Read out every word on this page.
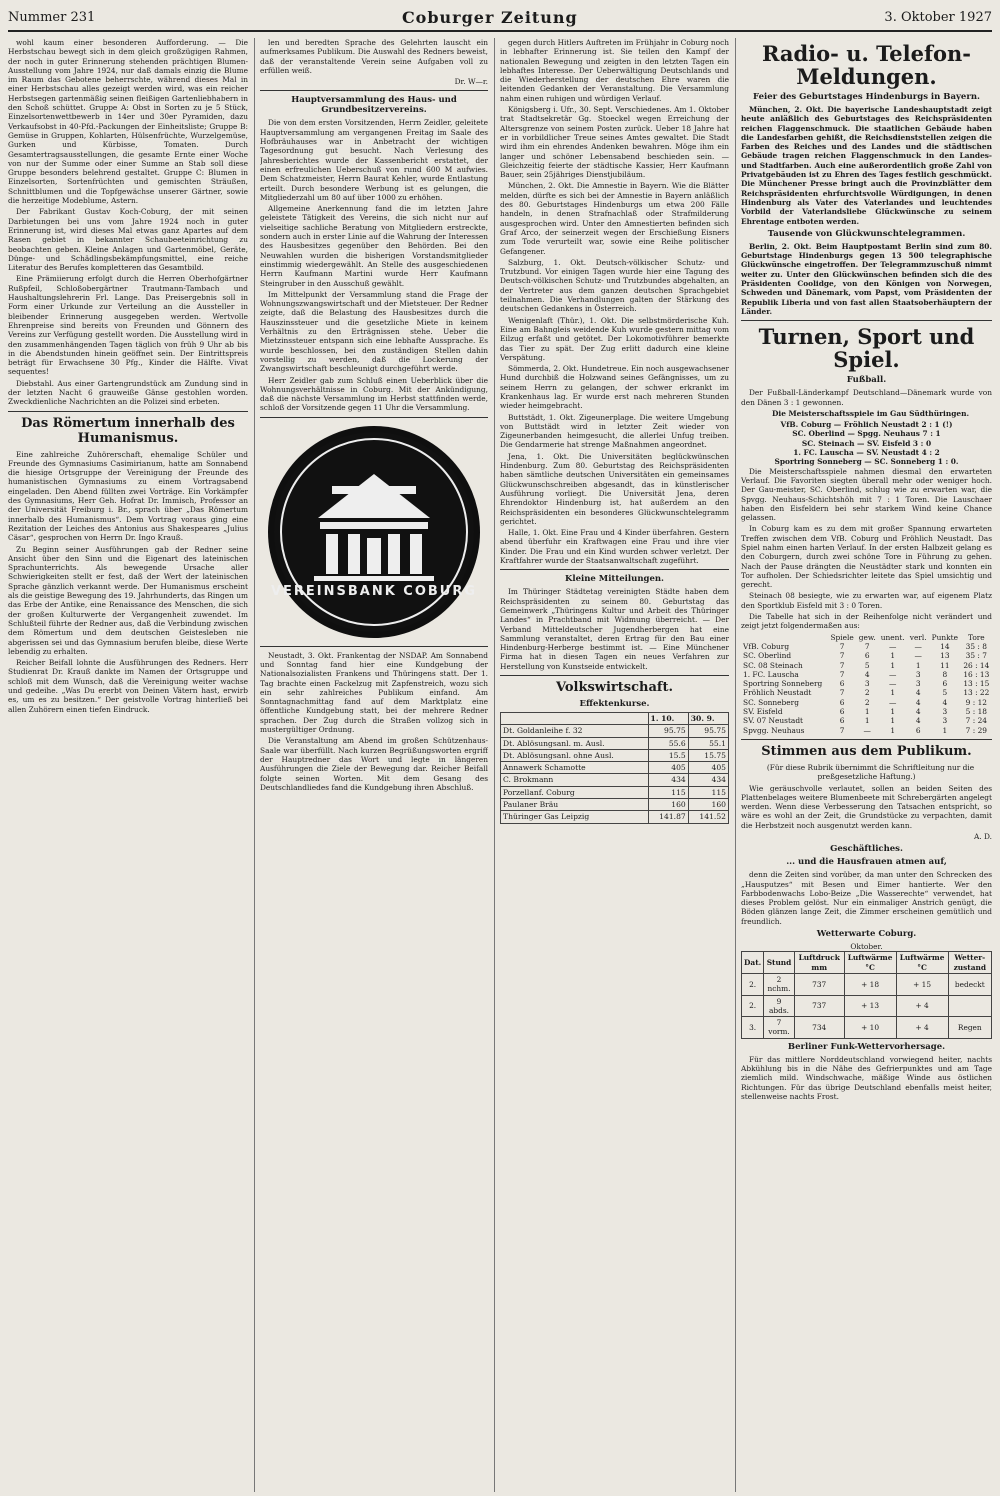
Nummer 231	Coburger Zeitung	3. Oktober 1927

wohl kaum einer besonderen Aufforderung. — Die Herbstschau bewegt sich in dem gleich großzügigen Rahmen, der noch in guter Erinnerung stehenden prächtigen Blumen-Ausstellung vom Jahre 1924, nur daß damals einzig die Blume im Raum das Gebotene beherrschte, während dieses Mal in einer Herbstschau alles gezeigt werden wird, was ein reicher Herbstsegen gartenmäßig seinen fleißigen Gartenliebhabern in den Schoß schüttet. Gruppe A: Obst in Sorten zu je 5 Stück, Einzelsortenwettbewerb in 14er und 30er Pyramiden, dazu Verkaufsobst in 40-Pfd.-Packungen der Einheitsliste; Gruppe B: Gemüse in Gruppen, Kohlarten, Hülsenfrüchte, Wurzelgemüse, Gurken und Kürbisse, Tomaten. Durch Gesamtertragsausstellungen, die gesamte Ernte einer Woche von nur der Summe oder einer Summe an Stab soll diese Gruppe besonders belehrend gestaltet. Gruppe C: Blumen in Einzelsorten, Sortenfrüchten und gemischten Sträußen, Schnittblumen und die Topfgewächse unserer Gärtner, sowie die herzeitige Modeblume, Astern.

Der Fabrikant Gustav Koch-Coburg, der mit seinen Darbietungen bei uns vom Jahre 1924 noch in guter Erinnerung ist, wird dieses Mal etwas ganz Apartes auf dem Rasen gebiet in bekannter Schaubeeteinrichtung zu beobachten geben. Kleine Anlagen und Gartenmöbel, Geräte, Dünge- und Schädlingsbekämpfungsmittel, eine reiche Literatur des Berufes kompletteren das Gesamtbild.

Eine Prämiierung erfolgt durch die Herren Oberhofgärtner Rußpfeil, Schloßobergärtner Trautmann-Tambach und Haushaltungslehrerin Frl. Lange. Das Preisergebnis soll in Form einer Urkunde zur Verteilung an die Aussteller in bleibender Erinnerung ausgegeben werden. Wertvolle Ehrenpreise sind bereits von Freunden und Gönnern des Vereins zur Verfügung gestellt worden. Die Ausstellung wird in den zusammenhängenden Tagen täglich von früh 9 Uhr ab bis in die Abendstunden hinein geöffnet sein. Der Eintrittspreis beträgt für Erwachsene 30 Pfg., Kinder die Hälfte. Vivat sequentes!

Diebstahl. Aus einer Gartengrundstück am Zundung sind in der letzten Nacht 6 grauweiße Gänse gestohlen worden. Zweckdienliche Nachrichten an die Polizei sind erbeten.

Das Römertum innerhalb des Humanismus.

Eine zahlreiche Zuhörerschaft, ehemalige Schüler und Freunde des Gymnasiums Casimirianum, hatte am Sonnabend die hiesige Ortsgruppe der Vereinigung der Freunde des humanistischen Gymnasiums zu einem Vortragsabend eingeladen. Den Abend füllten zwei Vorträge. Ein Vorkämpfer des Gymnasiums, Herr Geh. Hofrat Dr. Immisch, Professor an der Universität Freiburg i. Br., sprach über „Das Römertum innerhalb des Humanismus“. Dem Vortrag voraus ging eine Rezitation der Leiches des Antonius aus Shakespeares „Julius Cäsar“, gesprochen von Herrn Dr. Ingo Krauß.

Zu Beginn seiner Ausführungen gab der Redner seine Ansicht über den Sinn und die Eigenart des lateinischen Sprachunterrichts. Als bewegende Ursache aller Schwierigkeiten stellt er fest, daß der Wert der lateinischen Sprache gänzlich verkannt werde. Der Humanismus erscheint als die geistige Bewegung des 19. Jahrhunderts, das Ringen um das Erbe der Antike, eine Renaissance des Menschen, die sich der großen Kulturwerte der Vergangenheit zuwendet. Im Schlußteil führte der Redner aus, daß die Verbindung zwischen dem Römertum und dem deutschen Geistesleben nie abgerissen sei und das Gymnasium berufen bleibe, diese Werte lebendig zu erhalten.

Reicher Beifall lohnte die Ausführungen des Redners. Herr Studienrat Dr. Krauß dankte im Namen der Ortsgruppe und schloß mit dem Wunsch, daß die Vereinigung weiter wachse und gedeihe. „Was Du ererbt von Deinen Vätern hast, erwirb es, um es zu besitzen.“ Der geistvolle Vortrag hinterließ bei allen Zuhörern einen tiefen Eindruck.

len und beredten Sprache des Gelehrten lauscht ein aufmerksames Publikum. Die Auswahl des Redners beweist, daß der veranstaltende Verein seine Aufgaben voll zu erfüllen weiß.

Dr. W—r.
Hauptversammlung des Haus- und Grundbesitzervereins.

Die von dem ersten Vorsitzenden, Herrn Zeidler, geleitete Hauptversammlung am vergangenen Freitag im Saale des Hofbräuhauses war in Anbetracht der wichtigen Tagesordnung gut besucht. Nach Verlesung des Jahresberichtes wurde der Kassenbericht erstattet, der einen erfreulichen Ueberschuß von rund 600 M aufwies. Dem Schatzmeister, Herrn Baurat Kehler, wurde Entlastung erteilt. Durch besondere Werbung ist es gelungen, die Mitgliederzahl um 80 auf über 1000 zu erhöhen.

Allgemeine Anerkennung fand die im letzten Jahre geleistete Tätigkeit des Vereins, die sich nicht nur auf vielseitige sachliche Beratung von Mitgliedern erstreckte, sondern auch in erster Linie auf die Wahrung der Interessen des Hausbesitzes gegenüber den Behörden. Bei den Neuwahlen wurden die bisherigen Vorstandsmitglieder einstimmig wiedergewählt. An Stelle des ausgeschiedenen Herrn Kaufmann Martini wurde Herr Kaufmann Steingruber in den Ausschuß gewählt.

Im Mittelpunkt der Versammlung stand die Frage der Wohnungszwangswirtschaft und der Mietsteuer. Der Redner zeigte, daß die Belastung des Hausbesitzes durch die Hauszinssteuer und die gesetzliche Miete in keinem Verhältnis zu den Erträgnissen stehe. Ueber die Mietzinssteuer entspann sich eine lebhafte Aussprache. Es wurde beschlossen, bei den zuständigen Stellen dahin vorstellig zu werden, daß die Lockerung der Zwangswirtschaft beschleunigt durchgeführt werde.

Herr Zeidler gab zum Schluß einen Ueberblick über die Wohnungsverhältnisse in Coburg. Mit der Ankündigung, daß die nächste Versammlung im Herbst stattfinden werde, schloß der Vorsitzende gegen 11 Uhr die Versammlung.

VEREINSBANK COBURG

Neustadt, 3. Okt. Frankentag der NSDAP. Am Sonnabend und Sonntag fand hier eine Kundgebung der Nationalsozialisten Frankens und Thüringens statt. Der 1. Tag brachte einen Fackelzug mit Zapfenstreich, wozu sich ein sehr zahlreiches Publikum einfand. Am Sonntagnachmittag fand auf dem Marktplatz eine öffentliche Kundgebung statt, bei der mehrere Redner sprachen. Der Zug durch die Straßen vollzog sich in mustergültiger Ordnung.

Die Veranstaltung am Abend im großen Schützenhaus-Saale war überfüllt. Nach kurzen Begrüßungsworten ergriff der Hauptredner das Wort und legte in längeren Ausführungen die Ziele der Bewegung dar. Reicher Beifall folgte seinen Worten. Mit dem Gesang des Deutschlandliedes fand die Kundgebung ihren Abschluß.

gegen durch Hitlers Auftreten im Frühjahr in Coburg noch in lebhafter Erinnerung ist. Sie teilen den Kampf der nationalen Bewegung und zeigten in den letzten Tagen ein lebhaftes Interesse. Der Ueberwältigung Deutschlands und die Wiederherstellung der deutschen Ehre waren die leitenden Gedanken der Veranstaltung. Die Versammlung nahm einen ruhigen und würdigen Verlauf.

Königsberg i. Ufr., 30. Sept. Verschiedenes. Am 1. Oktober trat Stadtsekretär Gg. Stoeckel wegen Erreichung der Altersgrenze von seinem Posten zurück. Ueber 18 Jahre hat er in vorbildlicher Treue seines Amtes gewaltet. Die Stadt wird ihm ein ehrendes Andenken bewahren. Möge ihm ein langer und schöner Lebensabend beschieden sein. — Gleichzeitig feierte der städtische Kassier, Herr Kaufmann Bauer, sein 25jähriges Dienstjubiläum.

München, 2. Okt. Die Amnestie in Bayern. Wie die Blätter melden, dürfte es sich bei der Amnestie in Bayern anläßlich des 80. Geburtstages Hindenburgs um etwa 200 Fälle handeln, in denen Strafnachlaß oder Strafmilderung ausgesprochen wird. Unter den Amnestierten befinden sich Graf Arco, der seinerzeit wegen der Erschießung Eisners zum Tode verurteilt war, sowie eine Reihe politischer Gefangener.

Salzburg, 1. Okt. Deutsch-völkischer Schutz- und Trutzbund. Vor einigen Tagen wurde hier eine Tagung des Deutsch-völkischen Schutz- und Trutzbundes abgehalten, an der Vertreter aus dem ganzen deutschen Sprachgebiet teilnahmen. Die Verhandlungen galten der Stärkung des deutschen Gedankens in Österreich.

Wenigenlaft (Thür.), 1. Okt. Die selbstmörderische Kuh. Eine am Bahngleis weidende Kuh wurde gestern mittag vom Eilzug erfaßt und getötet. Der Lokomotivführer bemerkte das Tier zu spät. Der Zug erlitt dadurch eine kleine Verspätung.

Sömmerda, 2. Okt. Hundetreue. Ein noch ausgewachsener Hund durchbiß die Holzwand seines Gefängnisses, um zu seinem Herrn zu gelangen, der schwer erkrankt im Krankenhaus lag. Er wurde erst nach mehreren Stunden wieder heimgebracht.

Buttstädt, 1. Okt. Zigeunerplage. Die weitere Umgebung von Buttstädt wird in letzter Zeit wieder von Zigeunerbanden heimgesucht, die allerlei Unfug treiben. Die Gendarmerie hat strenge Maßnahmen angeordnet.

Jena, 1. Okt. Die Universitäten beglückwünschen Hindenburg. Zum 80. Geburtstag des Reichspräsidenten haben sämtliche deutschen Universitäten ein gemeinsames Glückwunschschreiben abgesandt, das in künstlerischer Ausführung vorliegt. Die Universität Jena, deren Ehrendoktor Hindenburg ist, hat außerdem an den Reichspräsidenten ein besonderes Glückwunschtelegramm gerichtet.

Halle, 1. Okt. Eine Frau und 4 Kinder überfahren. Gestern abend überfuhr ein Kraftwagen eine Frau und ihre vier Kinder. Die Frau und ein Kind wurden schwer verletzt. Der Kraftfahrer wurde der Staatsanwaltschaft zugeführt.

Kleine Mitteilungen.

Im Thüringer Städtetag vereinigten Städte haben dem Reichspräsidenten zu seinem 80. Geburtstag das Gemeinwerk „Thüringens Kultur und Arbeit des Thüringer Landes“ in Prachtband mit Widmung überreicht. — Der Verband Mitteldeutscher Jugendherbergen hat eine Sammlung veranstaltet, deren Ertrag für den Bau einer Hindenburg-Herberge bestimmt ist. — Eine Münchener Firma hat in diesen Tagen ein neues Verfahren zur Herstellung von Kunstseide entwickelt.

Volkswirtschaft.
Effektenkurse.
	1. 10.	30. 9.
Dt. Goldanleihe f. 32	95.75	95.75
Dt. Ablösungsanl. m. Ausl.	55.6	55.1
Dt. Ablösungsanl. ohne Ausl.	15.5	15.75
Annawerk Schamotte	405	405
C. Brokmann	434	434
Porzellanf. Coburg	115	115
Paulaner Bräu	160	160
Thüringer Gas Leipzig	141.87	141.52
Radio- u. Telefon-Meldungen.
Feier des Geburtstages Hindenburgs in Bayern.

München, 2. Okt. Die bayerische Landeshauptstadt zeigt heute anläßlich des Geburtstages des Reichspräsidenten reichen Flaggenschmuck. Die staatlichen Gebäude haben die Landesfarben gehißt, die Reichsdienststellen zeigen die Farben des Reiches und des Landes und die städtischen Gebäude tragen reichen Flaggenschmuck in den Landes- und Stadtfarben. Auch eine außerordentlich große Zahl von Privatgebäuden ist zu Ehren des Tages festlich geschmückt. Die Münchener Presse bringt auch die Provinzblätter dem Reichspräsidenten ehrfurchtsvolle Würdigungen, in denen Hindenburg als Vater des Vaterlandes und leuchtendes Vorbild der Vaterlandsliebe Glückwünsche zu seinem Ehrentage entboten werden.

Tausende von Glückwunschtelegrammen.

Berlin, 2. Okt. Beim Hauptpostamt Berlin sind zum 80. Geburtstage Hindenburgs gegen 13 500 telegraphische Glückwünsche eingetroffen. Der Telegrammzuschuß nimmt weiter zu. Unter den Glückwünschen befinden sich die des Präsidenten Coolidge, von den Königen von Norwegen, Schweden und Dänemark, vom Papst, vom Präsidenten der Republik Liberia und von fast allen Staatsoberhäuptern der Länder.

Turnen, Sport und Spiel.
Fußball.

Der Fußball-Länderkampf Deutschland—Dänemark wurde von den Dänen 3 : 1 gewonnen.

Die Meisterschaftsspiele im Gau Südthüringen.

VfB. Coburg — Fröhlich Neustadt 2 : 1 (!)
SC. Oberlind — Spgg. Neuhaus 7 : 1
SC. Steinach — SV. Eisfeld 3 : 0
1. FC. Lauscha — SV. Neustadt 4 : 2
Sportring Sonneberg — SC. Sonneberg 1 : 0.

Die Meisterschaftsspiele nahmen diesmal den erwarteten Verlauf. Die Favoriten siegten überall mehr oder weniger hoch. Der Gau-meister, SC. Oberlind, schlug wie zu erwarten war, die Spvgg. Neuhaus-Schichtshöh mit 7 : 1 Toren. Die Lauschaer haben den Eisfeldern bei sehr starkem Wind keine Chance gelassen.

In Coburg kam es zu dem mit großer Spannung erwarteten Treffen zwischen dem VfB. Coburg und Fröhlich Neustadt. Das Spiel nahm einen harten Verlauf. In der ersten Halbzeit gelang es den Coburgern, durch zwei schöne Tore in Führung zu gehen. Nach der Pause drängten die Neustädter stark und konnten ein Tor aufholen. Der Schiedsrichter leitete das Spiel umsichtig und gerecht.

Steinach 08 besiegte, wie zu erwarten war, auf eigenem Platz den Sportklub Eisfeld mit 3 : 0 Toren.

Die Tabelle hat sich in der Reihenfolge nicht verändert und zeigt jetzt folgendermaßen aus:

	Spiele	gew.	unent.	verl.	Punkte	Tore
VfB. Coburg	7	7	—	—	14	35 : 8
SC. Oberlind	7	6	1	—	13	35 : 7
SC. 08 Steinach	7	5	1	1	11	26 : 14
1. FC. Lauscha	7	4	—	3	8	16 : 13
Sportring Sonneberg	6	3	—	3	6	13 : 15
Fröhlich Neustadt	7	2	1	4	5	13 : 22
SC. Sonneberg	6	2	—	4	4	9 : 12
SV. Eisfeld	6	1	1	4	3	5 : 18
SV. 07 Neustadt	6	1	1	4	3	7 : 24
Spvgg. Neuhaus	7	—	1	6	1	7 : 29
Stimmen aus dem Publikum.

(Für diese Rubrik übernimmt die Schriftleitung nur die preßgesetzliche Haftung.)

Wie geräuschvolle verlautet, sollen an beiden Seiten des Plattenbelages weitere Blumenbeete mit Schrebergärten angelegt werden. Wenn diese Verbesserung den Tatsachen entspricht, so wäre es wohl an der Zeit, die Grundstücke zu verpachten, damit die Herbstzeit noch ausgenutzt werden kann.

A. D.
Geschäftliches.
... und die Hausfrauen atmen auf,

denn die Zeiten sind vorüber, da man unter den Schrecken des „Hausputzes“ mit Besen und Eimer hantierte. Wer den Farbbodenwachs Lobo-Beize „Die Wasserechte“ verwendet, hat dieses Problem gelöst. Nur ein einmaliger Anstrich genügt, die Böden glänzen lange Zeit, die Zimmer erscheinen gemütlich und freundlich.

Wetterwarte Coburg.
Oktober.
Dat.	Stund	Luftdruck mm	Luftwärme °C	Luftwärme °C	Wetter-zustand
2.	2 nchm.	737	+ 18	+ 15	bedeckt
2.	9 abds.	737	+ 13	+ 4	
3.	7 vorm.	734	+ 10	+ 4	Regen
Berliner Funk-Wettervorhersage.

Für das mittlere Norddeutschland vorwiegend heiter, nachts Abkühlung bis in die Nähe des Gefrierpunktes und am Tage ziemlich mild. Windschwache, mäßige Winde aus östlichen Richtungen. Für das übrige Deutschland ebenfalls meist heiter, stellenweise nachts Frost.
